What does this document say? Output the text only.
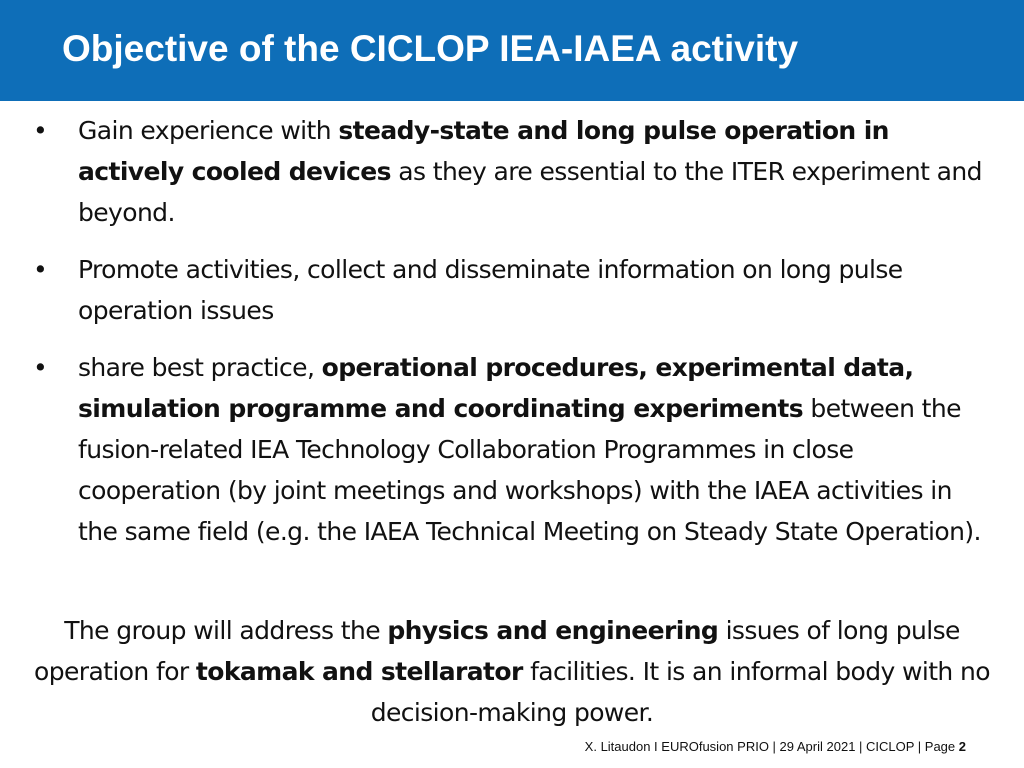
Objective of the CICLOP IEA-IAEA activity
• Gain experience with steady-state and long pulse operation in actively cooled devices as they are essential to the ITER experiment and beyond.
• Promote activities, collect and disseminate information on long pulse operation issues
• share best practice, operational procedures, experimental data, simulation programme and coordinating experiments between the fusion-related IEA Technology Collaboration Programmes in close cooperation (by joint meetings and workshops) with the IAEA activities in the same field (e.g. the IAEA Technical Meeting on Steady State Operation).

The group will address the physics and engineering issues of long pulse operation for tokamak and stellarator facilities. It is an informal body with no decision-making power.

X. Litaudon I EUROfusion PRIO | 29 April 2021 | CICLOP | Page 2
